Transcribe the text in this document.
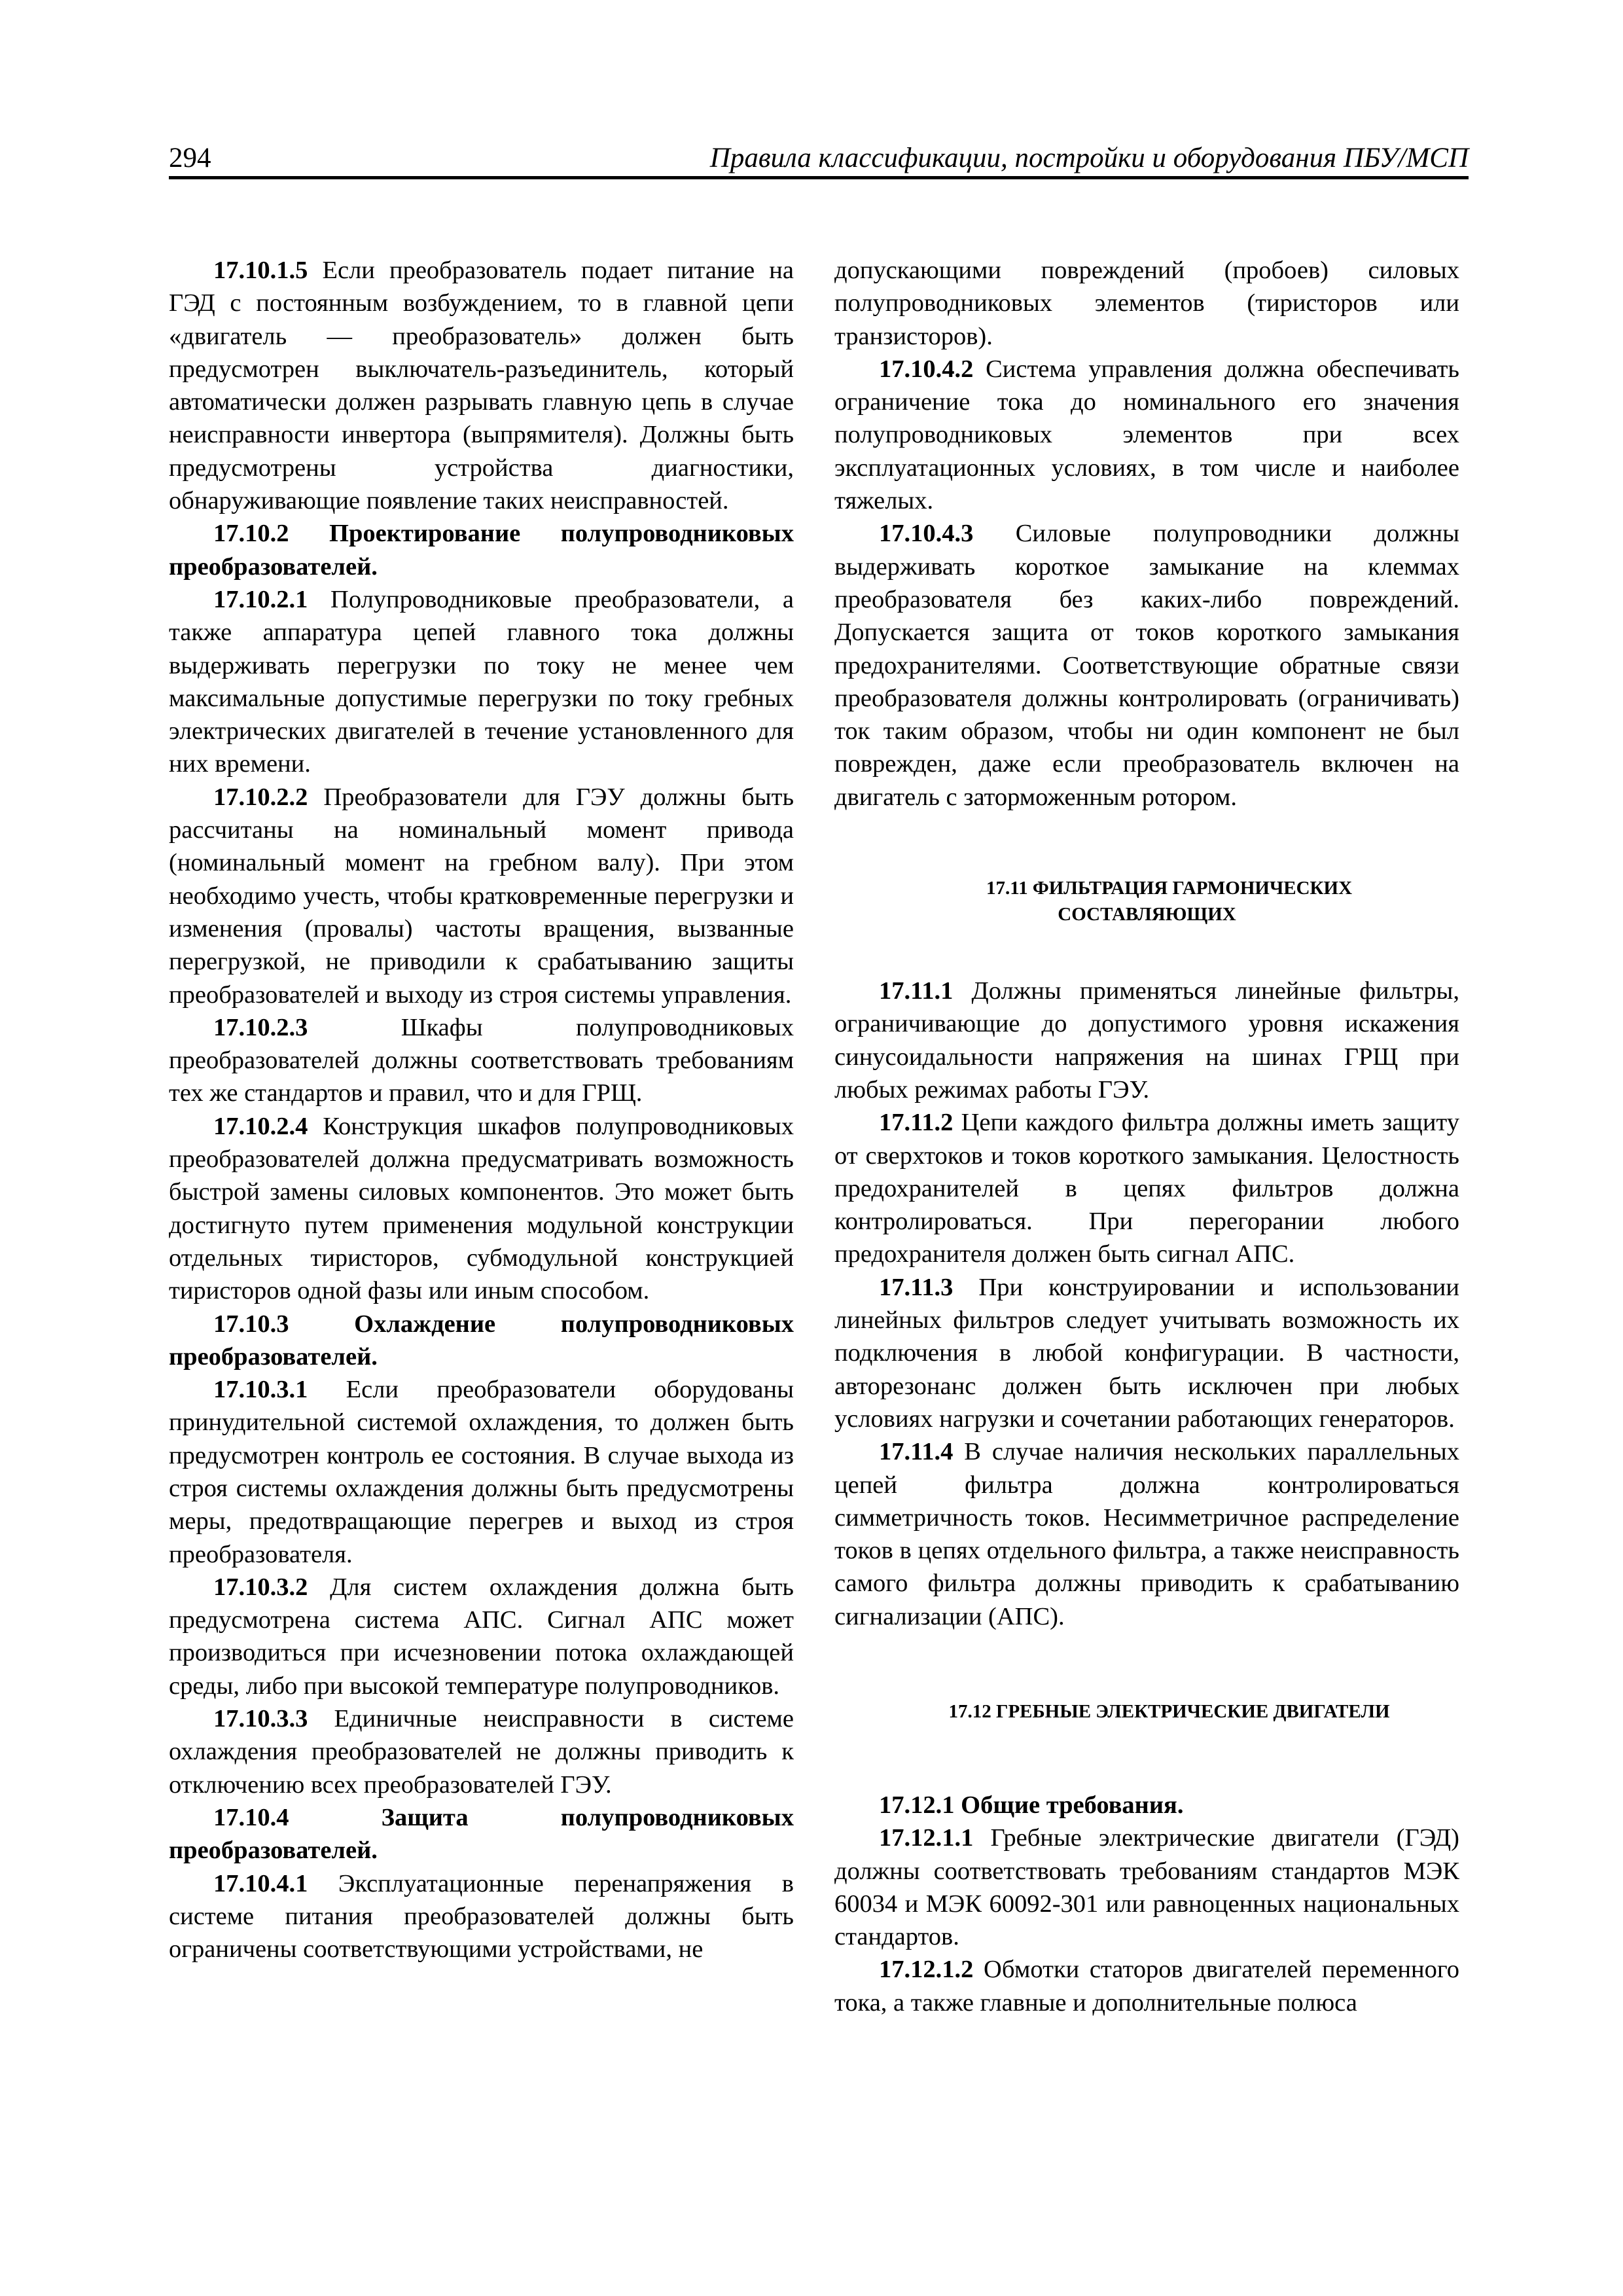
294	Правила классификации, постройки и оборудования ПБУ/МСП

17.10.1.5 Если преобразователь подает питание на ГЭД с постоянным возбуждением, то в главной цепи «двигатель — преобразователь» должен быть предусмотрен выключатель-разъединитель, который автоматически должен разрывать главную цепь в случае неисправности инвертора (выпрямителя). Должны быть предусмотрены устройства диагностики, обнаруживающие появление таких неисправностей.

17.10.2 Проектирование полупроводниковых преобразователей.

17.10.2.1 Полупроводниковые преобразователи, а также аппаратура цепей главного тока должны выдерживать перегрузки по току не менее чем максимальные допустимые перегрузки по току гребных электрических двигателей в течение установленного для них времени.

17.10.2.2 Преобразователи для ГЭУ должны быть рассчитаны на номинальный момент привода (номинальный момент на гребном валу). При этом необходимо учесть, чтобы кратковременные перегрузки и изменения (провалы) частоты вращения, вызванные перегрузкой, не приводили к срабатыванию защиты преобразователей и выходу из строя системы управления.

17.10.2.3 Шкафы полупроводниковых преобразователей должны соответствовать требованиям тех же стандартов и правил, что и для ГРЩ.

17.10.2.4 Конструкция шкафов полупроводниковых преобразователей должна предусматривать возможность быстрой замены силовых компонентов. Это может быть достигнуто путем применения модульной конструкции отдельных тиристоров, субмодульной конструкцией тиристоров одной фазы или иным способом.

17.10.3 Охлаждение полупроводниковых преобразователей.

17.10.3.1 Если преобразователи оборудованы принудительной системой охлаждения, то должен быть предусмотрен контроль ее состояния. В случае выхода из строя системы охлаждения должны быть предусмотрены меры, предотвращающие перегрев и выход из строя преобразователя.

17.10.3.2 Для систем охлаждения должна быть предусмотрена система АПС. Сигнал АПС может производиться при исчезновении потока охлаждающей среды, либо при высокой температуре полупроводников.

17.10.3.3 Единичные неисправности в системе охлаждения преобразователей не должны приводить к отключению всех преобразователей ГЭУ.

17.10.4 Защита полупроводниковых преобразователей.

17.10.4.1 Эксплуатационные перенапряжения в системе питания преобразователей должны быть ограничены соответствующими устройствами, не

допускающими повреждений (пробоев) силовых полупроводниковых элементов (тиристоров или транзисторов).

17.10.4.2 Система управления должна обеспечивать ограничение тока до номинального его значения полупроводниковых элементов при всех эксплуатационных условиях, в том числе и наиболее тяжелых.

17.10.4.3 Силовые полупроводники должны выдерживать короткое замыкание на клеммах преобразователя без каких-либо повреждений. Допускается защита от токов короткого замыкания предохранителями. Соответствующие обратные связи преобразователя должны контролировать (ограничивать) ток таким образом, чтобы ни один компонент не был поврежден, даже если преобразователь включен на двигатель с заторможенным ротором.

17.11 ФИЛЬТРАЦИЯ ГАРМОНИЧЕСКИХ
СОСТАВЛЯЮЩИХ

17.11.1 Должны применяться линейные фильтры, ограничивающие до допустимого уровня искажения синусоидальности напряжения на шинах ГРЩ при любых режимах работы ГЭУ.

17.11.2 Цепи каждого фильтра должны иметь защиту от сверхтоков и токов короткого замыкания. Целостность предохранителей в цепях фильтров должна контролироваться. При перегорании любого предохранителя должен быть сигнал АПС.

17.11.3 При конструировании и использовании линейных фильтров следует учитывать возможность их подключения в любой конфигурации. В частности, авторезонанс должен быть исключен при любых условиях нагрузки и сочетании работающих генераторов.

17.11.4 В случае наличия нескольких параллельных цепей фильтра должна контролироваться симметричность токов. Несимметричное распределение токов в цепях отдельного фильтра, а также неисправность самого фильтра должны приводить к срабатыванию сигнализации (АПС).

17.12 ГРЕБНЫЕ ЭЛЕКТРИЧЕСКИЕ ДВИГАТЕЛИ

17.12.1 Общие требования.

17.12.1.1 Гребные электрические двигатели (ГЭД) должны соответствовать требованиям стандартов МЭК 60034 и МЭК 60092-301 или равноценных национальных стандартов.

17.12.1.2 Обмотки статоров двигателей переменного тока, а также главные и дополнительные полюса
